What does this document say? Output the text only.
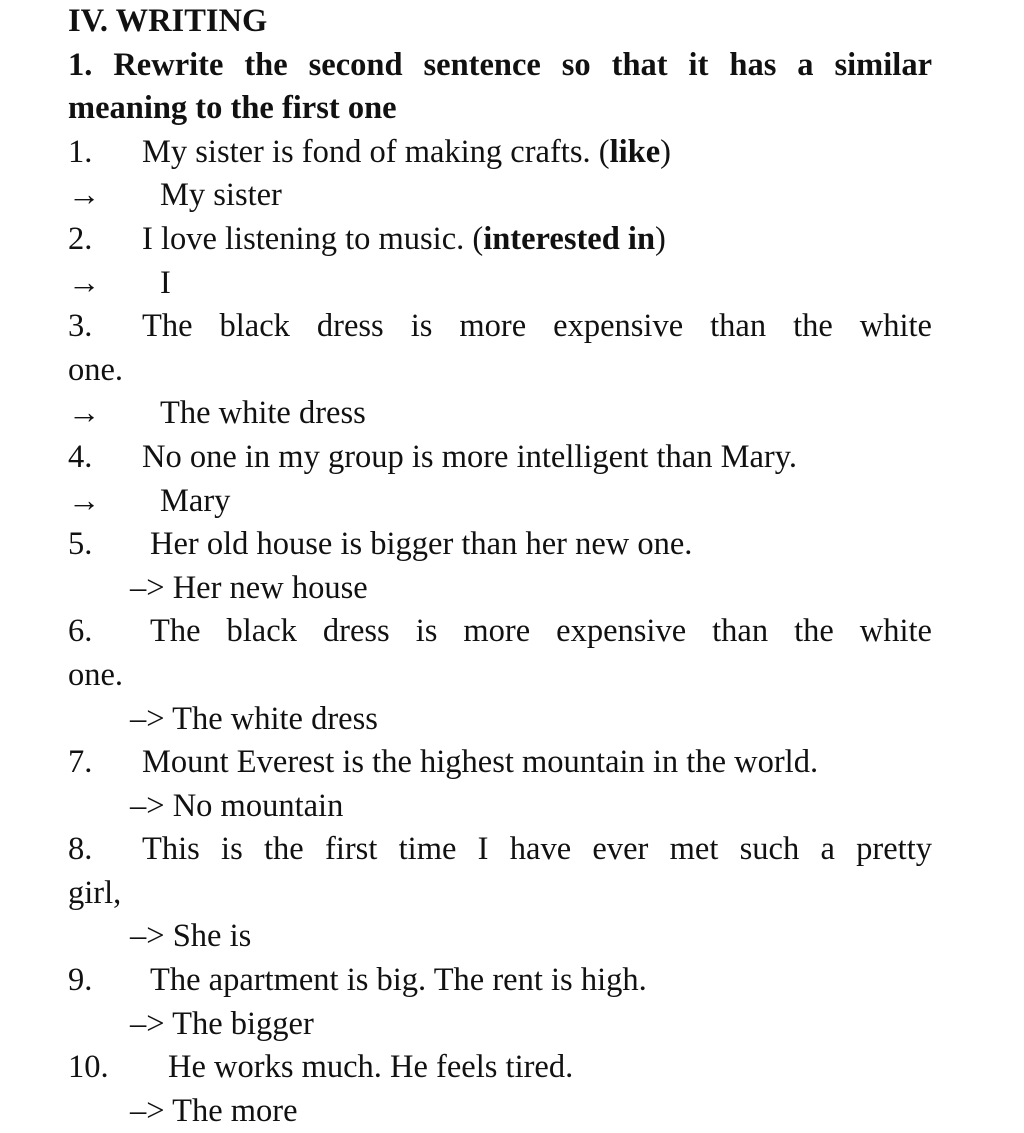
IV. WRITING
1. Rewrite the second sentence so that it has a similar
meaning to the first one
1. My sister is fond of making crafts. (like)
→ My sister
2. I love listening to music. (interested in)
→ I
3.	The black dress is more expensive than the white
one.
→ The white dress
4. No one in my group is more intelligent than Mary.
→ Mary
5. Her old house is bigger than her new one.
–> Her new house
6.	The black dress is more expensive than the white
one.
–> The white dress
7. Mount Everest is the highest mountain in the world.
–> No mountain
8.	This is the first time I have ever met such a pretty
girl,
–> She is
9. The apartment is big. The rent is high.
–> The bigger
10. He works much. He feels tired.
–> The more
